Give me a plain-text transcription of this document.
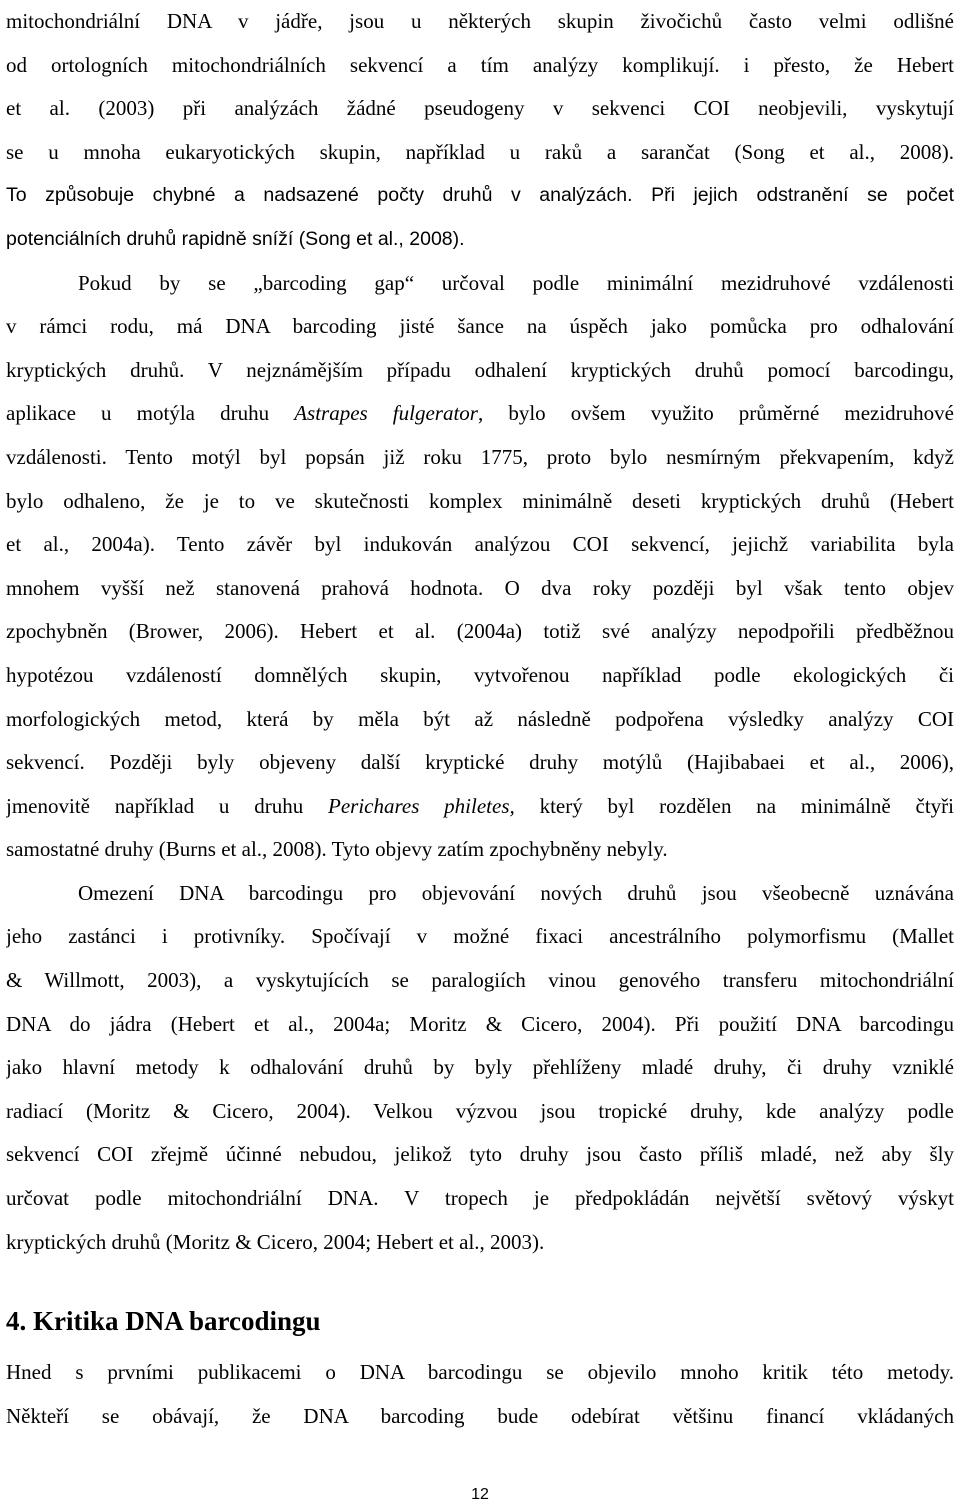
mitochondriální DNA v jádře, jsou u některých skupin živočichů často velmi odlišné
od ortologních mitochondriálních sekvencí a tím analýzy komplikují. i přesto, že Hebert
et al. (2003) při analýzách žádné pseudogeny v sekvenci COI neobjevili, vyskytují
se u mnoha eukaryotických skupin, například u raků a sarančat (Song et al., 2008).
To způsobuje chybné a nadsazené počty druhů v analýzách. Při jejich odstranění se počet
potenciálních druhů rapidně sníží (Song et al., 2008).
Pokud by se „barcoding gap“ určoval podle minimální mezidruhové vzdálenosti
v rámci rodu, má DNA barcoding jisté šance na úspěch jako pomůcka pro odhalování
kryptických druhů. V nejznámějším případu odhalení kryptických druhů pomocí barcodingu,
aplikace u motýla druhu Astrapes fulgerator, bylo ovšem využito průměrné mezidruhové
vzdálenosti. Tento motýl byl popsán již roku 1775, proto bylo nesmírným překvapením, když
bylo odhaleno, že je to ve skutečnosti komplex minimálně deseti kryptických druhů (Hebert
et al., 2004a). Tento závěr byl indukován analýzou COI sekvencí, jejichž variabilita byla
mnohem vyšší než stanovená prahová hodnota. O dva roky později byl však tento objev
zpochybněn (Brower, 2006). Hebert et al. (2004a) totiž své analýzy nepodpořili předběžnou
hypotézou vzdáleností domnělých skupin, vytvořenou například podle ekologických či
morfologických metod, která by měla být až následně podpořena výsledky analýzy COI
sekvencí. Později byly objeveny další kryptické druhy motýlů (Hajibabaei et al., 2006),
jmenovitě například u druhu Perichares philetes, který byl rozdělen na minimálně čtyři
samostatné druhy (Burns et al., 2008). Tyto objevy zatím zpochybněny nebyly.
Omezení DNA barcodingu pro objevování nových druhů jsou všeobecně uznávána
jeho zastánci i protivníky. Spočívají v možné fixaci ancestrálního polymorfismu (Mallet
& Willmott, 2003), a vyskytujících se paralogiích vinou genového transferu mitochondriální
DNA do jádra (Hebert et al., 2004a; Moritz & Cicero, 2004). Při použití DNA barcodingu
jako hlavní metody k odhalování druhů by byly přehlíženy mladé druhy, či druhy vzniklé
radiací (Moritz & Cicero, 2004). Velkou výzvou jsou tropické druhy, kde analýzy podle
sekvencí COI zřejmě účinné nebudou, jelikož tyto druhy jsou často příliš mladé, než aby šly
určovat podle mitochondriální DNA. V tropech je předpokládán největší světový výskyt
kryptických druhů (Moritz & Cicero, 2004; Hebert et al., 2003).
4. Kritika DNA barcodingu
Hned s prvními publikacemi o DNA barcodingu se objevilo mnoho kritik této metody.
Někteří se obávají, že DNA barcoding bude odebírat většinu financí vkládaných
12
